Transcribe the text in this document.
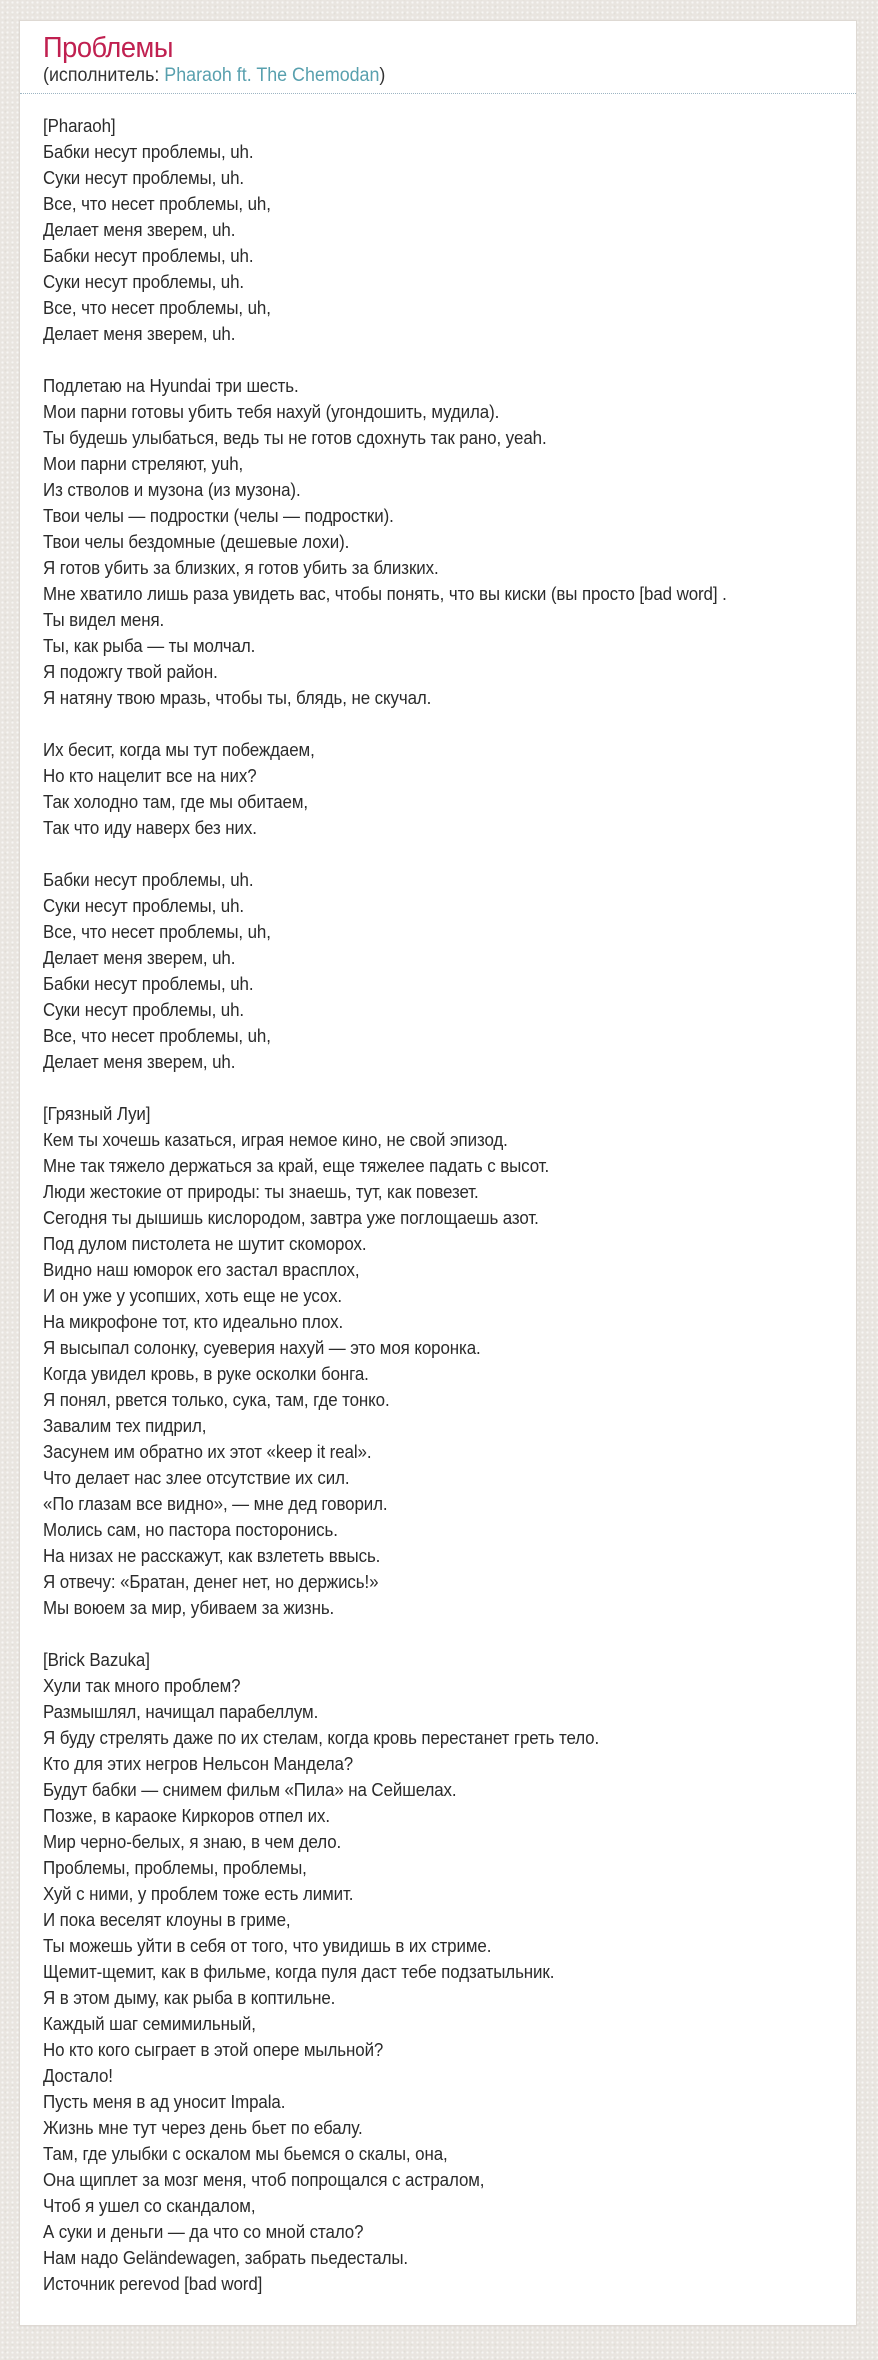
Проблемы

(исполнитель: Pharaoh ft. The Chemodan)

[Pharaoh]
Бабки несут проблемы, uh.
Суки несут проблемы, uh.
Все, что несет проблемы, uh,
Делает меня зверем, uh.
Бабки несут проблемы, uh.
Суки несут проблемы, uh.
Все, что несет проблемы, uh,
Делает меня зверем, uh.
Подлетаю на Hyundai три шесть.
Мои парни готовы убить тебя нахуй (угондошить, мудила).
Ты будешь улыбаться, ведь ты не готов сдохнуть так рано, yeah.
Мои парни стреляют, yuh,
Из стволов и музона (из музона).
Твои челы — подростки (челы — подростки).
Твои челы бездомные (дешевые лохи).
Я готов убить за близких, я готов убить за близких.
Мне хватило лишь раза увидеть вас, чтобы понять, что вы киски (вы просто [bad word] .
Ты видел меня.
Ты, как рыба — ты молчал.
Я подожгу твой район.
Я натяну твою мразь, чтобы ты, блядь, не скучал.
Их бесит, когда мы тут побеждаем,
Но кто нацелит все на них?
Так холодно там, где мы обитаем,
Так что иду наверх без них.
Бабки несут проблемы, uh.
Суки несут проблемы, uh.
Все, что несет проблемы, uh,
Делает меня зверем, uh.
Бабки несут проблемы, uh.
Суки несут проблемы, uh.
Все, что несет проблемы, uh,
Делает меня зверем, uh.
[Грязный Луи]
Кем ты хочешь казаться, играя немое кино, не свой эпизод.
Мне так тяжело держаться за край, еще тяжелее падать с высот.
Люди жестокие от природы: ты знаешь, тут, как повезет.
Сегодня ты дышишь кислородом, завтра уже поглощаешь азот.
Под дулом пистолета не шутит скоморох.
Видно наш юморок его застал врасплох,
И он уже у усопших, хоть еще не усох.
На микрофоне тот, кто идеально плох.
Я высыпал солонку, суеверия нахуй — это моя коронка.
Когда увидел кровь, в руке осколки бонга.
Я понял, рвется только, сука, там, где тонко.
Завалим тех пидрил,
Засунем им обратно их этот «keep it real».
Что делает нас злее отсутствие их сил.
«По глазам все видно», — мне дед говорил.
Молись сам, но пастора посторонись.
На низах не расскажут, как взлететь ввысь.
Я отвечу: «Братан, денег нет, но держись!»
Мы воюем за мир, убиваем за жизнь.
[Brick Bazuka]
Хули так много проблем?
Размышлял, начищал парабеллум.
Я буду стрелять даже по их стелам, когда кровь перестанет греть тело.
Кто для этих негров Нельсон Мандела?
Будут бабки — снимем фильм «Пила» на Сейшелах.
Позже, в караоке Киркоров отпел их.
Мир черно-белых, я знаю, в чем дело.
Проблемы, проблемы, проблемы,
Хуй с ними, у проблем тоже есть лимит.
И пока веселят клоуны в гриме,
Ты можешь уйти в себя от того, что увидишь в их стриме.
Щемит-щемит, как в фильме, когда пуля даст тебе подзатыльник.
Я в этом дыму, как рыба в коптильне.
Каждый шаг семимильный,
Но кто кого сыграет в этой опере мыльной?
Достало!
Пусть меня в ад уносит Impala.
Жизнь мне тут через день бьет по ебалу.
Там, где улыбки с оскалом мы бьемся о скалы, она,
Она щиплет за мозг меня, чтоб попрощался с астралом,
Чтоб я ушел со скандалом,
А суки и деньги — да что со мной стало?
Нам надо Geländewagen, забрать пьедесталы.
Источник perevod [bad word]
